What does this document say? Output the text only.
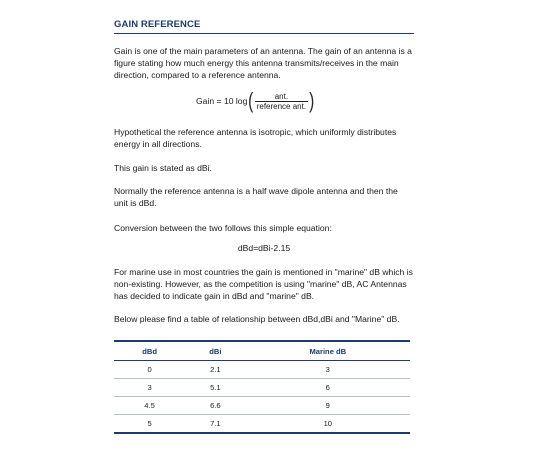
GAIN REFERENCE

Gain is one of the main parameters of an antenna. The gain of an antenna is a figure stating how much energy this antenna transmits/receives in the main direction, compared to a reference antenna.

Gain = 10 log ( $\frac{\text{ant.}}{\text{reference ant.}}$ )

Hypothetical the reference antenna is isotropic, which uniformly distributes energy in all directions.

This gain is stated as dBi.

Normally the reference antenna is a half wave dipole antenna and then the unit is dBd.

Conversion between the two follows this simple equation:

dBd=dBi-2.15

For marine use in most countries the gain is mentioned in "marine" dB which is non-existing. However, as the competition is using "marine" dB, AC Antennas has decided to indicate gain in dBd and "marine" dB.

Below please find a table of relationship between dBd,dBi and "Marine" dB.

dBd	dBi	Marine dB
0	2.1	3
3	5.1	6
4.5	6.6	9
5	7.1	10
